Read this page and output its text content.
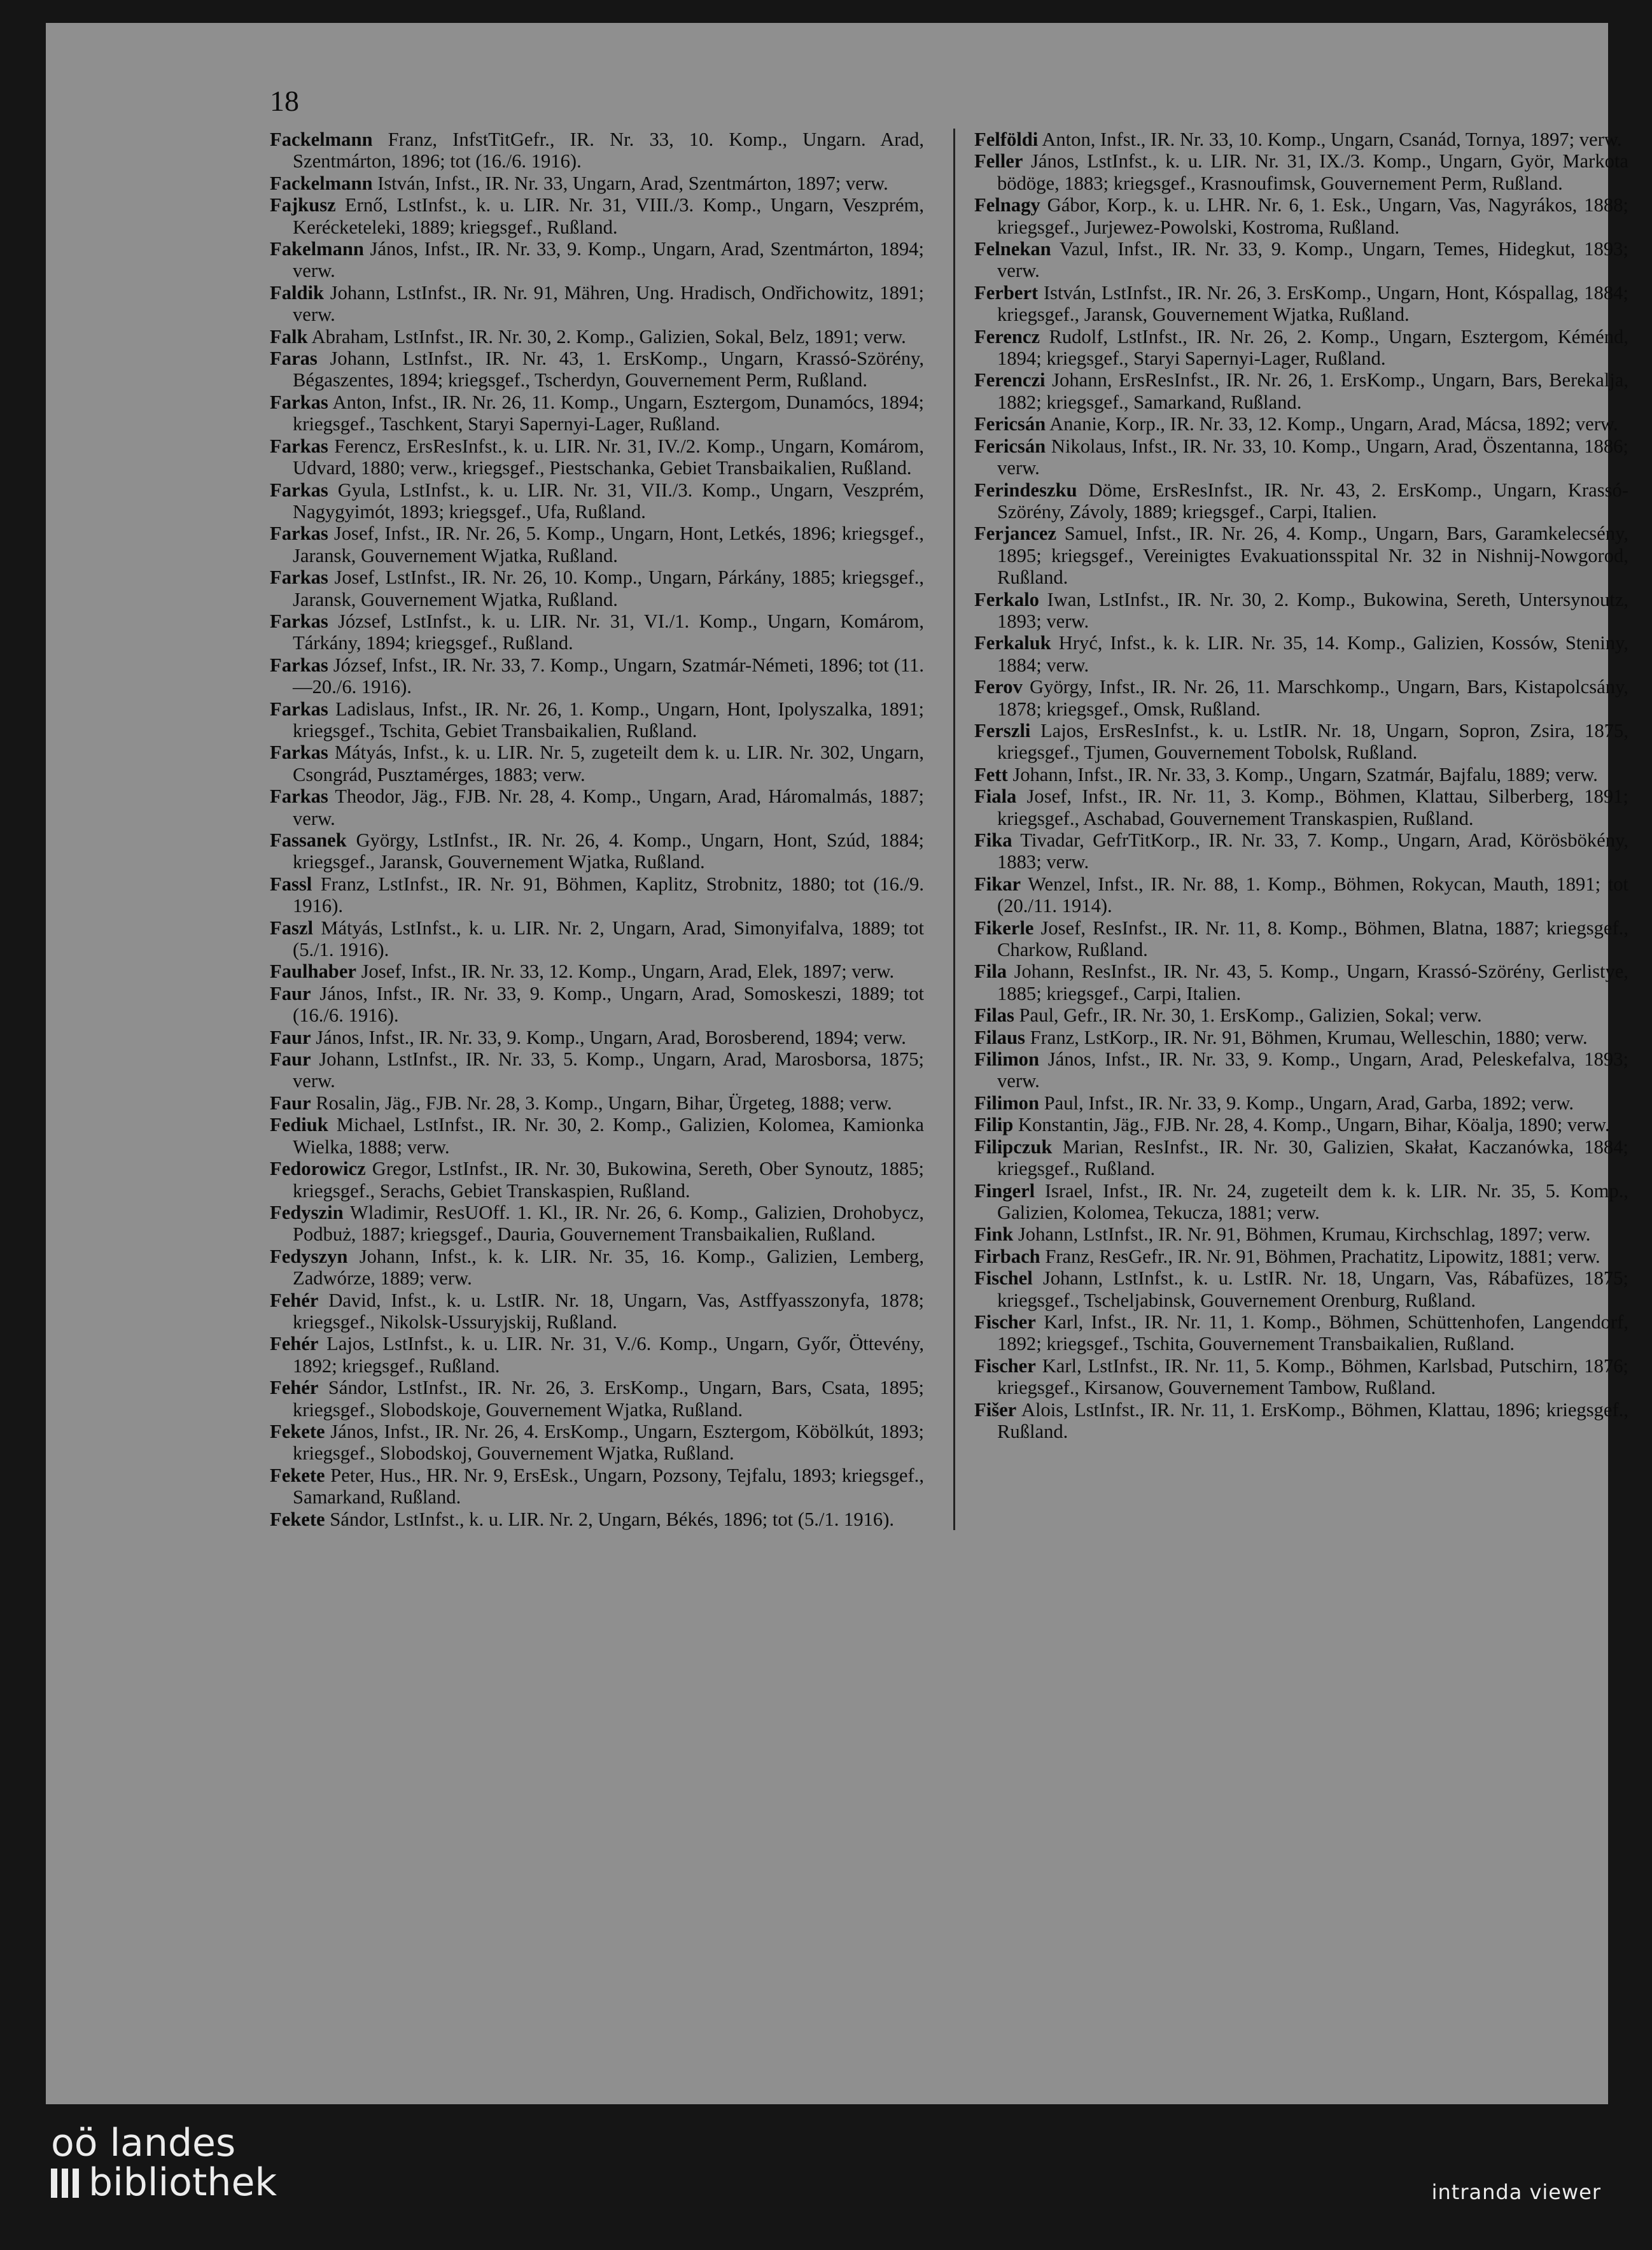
18
Fackelmann Franz, InfstTitGefr., IR. Nr. 33, 10. Komp., Ungarn. Arad, Szentmárton, 1896; tot (16./6. 1916).
Fackelmann István, Infst., IR. Nr. 33, Ungarn, Arad, Szentmárton, 1897; verw.
Fajkusz Ernő, LstInfst., k. u. LIR. Nr. 31, VIII./3. Komp., Ungarn, Veszprém, Kerécketeleki, 1889; kriegsgef., Rußland.
Fakelmann János, Infst., IR. Nr. 33, 9. Komp., Ungarn, Arad, Szentmárton, 1894; verw.
Faldik Johann, LstInfst., IR. Nr. 91, Mähren, Ung. Hradisch, Ondřichowitz, 1891; verw.
Falk Abraham, LstInfst., IR. Nr. 30, 2. Komp., Galizien, Sokal, Belz, 1891; verw.
Faras Johann, LstInfst., IR. Nr. 43, 1. ErsKomp., Ungarn, Krassó-Szörény, Bégaszentes, 1894; kriegsgef., Tscherdyn, Gouvernement Perm, Rußland.
Farkas Anton, Infst., IR. Nr. 26, 11. Komp., Ungarn, Esztergom, Dunamócs, 1894; kriegsgef., Taschkent, Staryi Sapernyi-Lager, Rußland.
Farkas Ferencz, ErsResInfst., k. u. LIR. Nr. 31, IV./2. Komp., Ungarn, Komárom, Udvard, 1880; verw., kriegsgef., Piestschanka, Gebiet Transbaikalien, Rußland.
Farkas Gyula, LstInfst., k. u. LIR. Nr. 31, VII./3. Komp., Ungarn, Veszprém, Nagygyimót, 1893; kriegsgef., Ufa, Rußland.
Farkas Josef, Infst., IR. Nr. 26, 5. Komp., Ungarn, Hont, Letkés, 1896; kriegsgef., Jaransk, Gouvernement Wjatka, Rußland.
Farkas Josef, LstInfst., IR. Nr. 26, 10. Komp., Ungarn, Párkány, 1885; kriegsgef., Jaransk, Gouvernement Wjatka, Rußland.
Farkas József, LstInfst., k. u. LIR. Nr. 31, VI./1. Komp., Ungarn, Komárom, Tárkány, 1894; kriegsgef., Rußland.
Farkas József, Infst., IR. Nr. 33, 7. Komp., Ungarn, Szatmár-Németi, 1896; tot (11.—20./6. 1916).
Farkas Ladislaus, Infst., IR. Nr. 26, 1. Komp., Ungarn, Hont, Ipolyszalka, 1891; kriegsgef., Tschita, Gebiet Transbaikalien, Rußland.
Farkas Mátyás, Infst., k. u. LIR. Nr. 5, zugeteilt dem k. u. LIR. Nr. 302, Ungarn, Csongrád, Pusztamérges, 1883; verw.
Farkas Theodor, Jäg., FJB. Nr. 28, 4. Komp., Ungarn, Arad, Háromalmás, 1887; verw.
Fassanek György, LstInfst., IR. Nr. 26, 4. Komp., Ungarn, Hont, Szúd, 1884; kriegsgef., Jaransk, Gouvernement Wjatka, Rußland.
Fassl Franz, LstInfst., IR. Nr. 91, Böhmen, Kaplitz, Strobnitz, 1880; tot (16./9. 1916).
Faszl Mátyás, LstInfst., k. u. LIR. Nr. 2, Ungarn, Arad, Simonyifalva, 1889; tot (5./1. 1916).
Faulhaber Josef, Infst., IR. Nr. 33, 12. Komp., Ungarn, Arad, Elek, 1897; verw.
Faur János, Infst., IR. Nr. 33, 9. Komp., Ungarn, Arad, Somoskeszi, 1889; tot (16./6. 1916).
Faur János, Infst., IR. Nr. 33, 9. Komp., Ungarn, Arad, Borosberend, 1894; verw.
Faur Johann, LstInfst., IR. Nr. 33, 5. Komp., Ungarn, Arad, Marosborsa, 1875; verw.
Faur Rosalin, Jäg., FJB. Nr. 28, 3. Komp., Ungarn, Bihar, Ürgeteg, 1888; verw.
Fediuk Michael, LstInfst., IR. Nr. 30, 2. Komp., Galizien, Kolomea, Kamionka Wielka, 1888; verw.
Fedorowicz Gregor, LstInfst., IR. Nr. 30, Bukowina, Sereth, Ober Synoutz, 1885; kriegsgef., Serachs, Gebiet Transkaspien, Rußland.
Fedyszin Wladimir, ResUOff. 1. Kl., IR. Nr. 26, 6. Komp., Galizien, Drohobycz, Podbuż, 1887; kriegsgef., Dauria, Gouvernement Transbaikalien, Rußland.
Fedyszyn Johann, Infst., k. k. LIR. Nr. 35, 16. Komp., Galizien, Lemberg, Zadwórze, 1889; verw.
Fehér David, Infst., k. u. LstIR. Nr. 18, Ungarn, Vas, Astffyasszonyfa, 1878; kriegsgef., Nikolsk-Ussuryjskij, Rußland.
Fehér Lajos, LstInfst., k. u. LIR. Nr. 31, V./6. Komp., Ungarn, Győr, Öttevény, 1892; kriegsgef., Rußland.
Fehér Sándor, LstInfst., IR. Nr. 26, 3. ErsKomp., Ungarn, Bars, Csata, 1895; kriegsgef., Slobodskoje, Gouvernement Wjatka, Rußland.
Fekete János, Infst., IR. Nr. 26, 4. ErsKomp., Ungarn, Esztergom, Köbölkút, 1893; kriegsgef., Slobodskoj, Gouvernement Wjatka, Rußland.
Fekete Peter, Hus., HR. Nr. 9, ErsEsk., Ungarn, Pozsony, Tejfalu, 1893; kriegsgef., Samarkand, Rußland.
Fekete Sándor, LstInfst., k. u. LIR. Nr. 2, Ungarn, Békés, 1896; tot (5./1. 1916).
Felföldi Anton, Infst., IR. Nr. 33, 10. Komp., Ungarn, Csanád, Tornya, 1897; verw.
Feller János, LstInfst., k. u. LIR. Nr. 31, IX./3. Komp., Ungarn, Györ, Markota bödöge, 1883; kriegsgef., Krasnoufimsk, Gouvernement Perm, Rußland.
Felnagy Gábor, Korp., k. u. LHR. Nr. 6, 1. Esk., Ungarn, Vas, Nagyrákos, 1888; kriegsgef., Jurjewez-Powolski, Kostroma, Rußland.
Felnekan Vazul, Infst., IR. Nr. 33, 9. Komp., Ungarn, Temes, Hidegkut, 1893; verw.
Ferbert István, LstInfst., IR. Nr. 26, 3. ErsKomp., Ungarn, Hont, Kóspallag, 1884; kriegsgef., Jaransk, Gouvernement Wjatka, Rußland.
Ferencz Rudolf, LstInfst., IR. Nr. 26, 2. Komp., Ungarn, Esztergom, Kéménd, 1894; kriegsgef., Staryi Sapernyi-Lager, Rußland.
Ferenczi Johann, ErsResInfst., IR. Nr. 26, 1. ErsKomp., Ungarn, Bars, Berekalja, 1882; kriegsgef., Samarkand, Rußland.
Fericsán Ananie, Korp., IR. Nr. 33, 12. Komp., Ungarn, Arad, Mácsa, 1892; verw.
Fericsán Nikolaus, Infst., IR. Nr. 33, 10. Komp., Ungarn, Arad, Öszentanna, 1886; verw.
Ferindeszku Döme, ErsResInfst., IR. Nr. 43, 2. ErsKomp., Ungarn, Krassó-Szörény, Závoly, 1889; kriegsgef., Carpi, Italien.
Ferjancez Samuel, Infst., IR. Nr. 26, 4. Komp., Ungarn, Bars, Garamkelecsény, 1895; kriegsgef., Vereinigtes Evakuationsspital Nr. 32 in Nishnij-Nowgorod, Rußland.
Ferkalo Iwan, LstInfst., IR. Nr. 30, 2. Komp., Bukowina, Sereth, Untersynoutz, 1893; verw.
Ferkaluk Hryć, Infst., k. k. LIR. Nr. 35, 14. Komp., Galizien, Kossów, Steniny, 1884; verw.
Ferov György, Infst., IR. Nr. 26, 11. Marschkomp., Ungarn, Bars, Kistapolcsány, 1878; kriegsgef., Omsk, Rußland.
Ferszli Lajos, ErsResInfst., k. u. LstIR. Nr. 18, Ungarn, Sopron, Zsira, 1875, kriegsgef., Tjumen, Gouvernement Tobolsk, Rußland.
Fett Johann, Infst., IR. Nr. 33, 3. Komp., Ungarn, Szatmár, Bajfalu, 1889; verw.
Fiala Josef, Infst., IR. Nr. 11, 3. Komp., Böhmen, Klattau, Silberberg, 1891; kriegsgef., Aschabad, Gouvernement Transkaspien, Rußland.
Fika Tivadar, GefrTitKorp., IR. Nr. 33, 7. Komp., Ungarn, Arad, Körösbökény, 1883; verw.
Fikar Wenzel, Infst., IR. Nr. 88, 1. Komp., Böhmen, Rokycan, Mauth, 1891; tot (20./11. 1914).
Fikerle Josef, ResInfst., IR. Nr. 11, 8. Komp., Böhmen, Blatna, 1887; kriegsgef., Charkow, Rußland.
Fila Johann, ResInfst., IR. Nr. 43, 5. Komp., Ungarn, Krassó-Szörény, Gerlistye, 1885; kriegsgef., Carpi, Italien.
Filas Paul, Gefr., IR. Nr. 30, 1. ErsKomp., Galizien, Sokal; verw.
Filaus Franz, LstKorp., IR. Nr. 91, Böhmen, Krumau, Welleschin, 1880; verw.
Filimon János, Infst., IR. Nr. 33, 9. Komp., Ungarn, Arad, Peleskefalva, 1893; verw.
Filimon Paul, Infst., IR. Nr. 33, 9. Komp., Ungarn, Arad, Garba, 1892; verw.
Filip Konstantin, Jäg., FJB. Nr. 28, 4. Komp., Ungarn, Bihar, Köalja, 1890; verw.
Filipczuk Marian, ResInfst., IR. Nr. 30, Galizien, Skałat, Kaczanówka, 1884; kriegsgef., Rußland.
Fingerl Israel, Infst., IR. Nr. 24, zugeteilt dem k. k. LIR. Nr. 35, 5. Komp., Galizien, Kolomea, Tekucza, 1881; verw.
Fink Johann, LstInfst., IR. Nr. 91, Böhmen, Krumau, Kirchschlag, 1897; verw.
Firbach Franz, ResGefr., IR. Nr. 91, Böhmen, Prachatitz, Lipowitz, 1881; verw.
Fischel Johann, LstInfst., k. u. LstIR. Nr. 18, Ungarn, Vas, Rábafüzes, 1875; kriegsgef., Tscheljabinsk, Gouvernement Orenburg, Rußland.
Fischer Karl, Infst., IR. Nr. 11, 1. Komp., Böhmen, Schüttenhofen, Langendorf, 1892; kriegsgef., Tschita, Gouvernement Transbaikalien, Rußland.
Fischer Karl, LstInfst., IR. Nr. 11, 5. Komp., Böhmen, Karlsbad, Putschirn, 1876; kriegsgef., Kirsanow, Gouvernement Tambow, Rußland.
Fišer Alois, LstInfst., IR. Nr. 11, 1. ErsKomp., Böhmen, Klattau, 1896; kriegsgef., Rußland.
oö landes
bibliothek	intranda viewer
